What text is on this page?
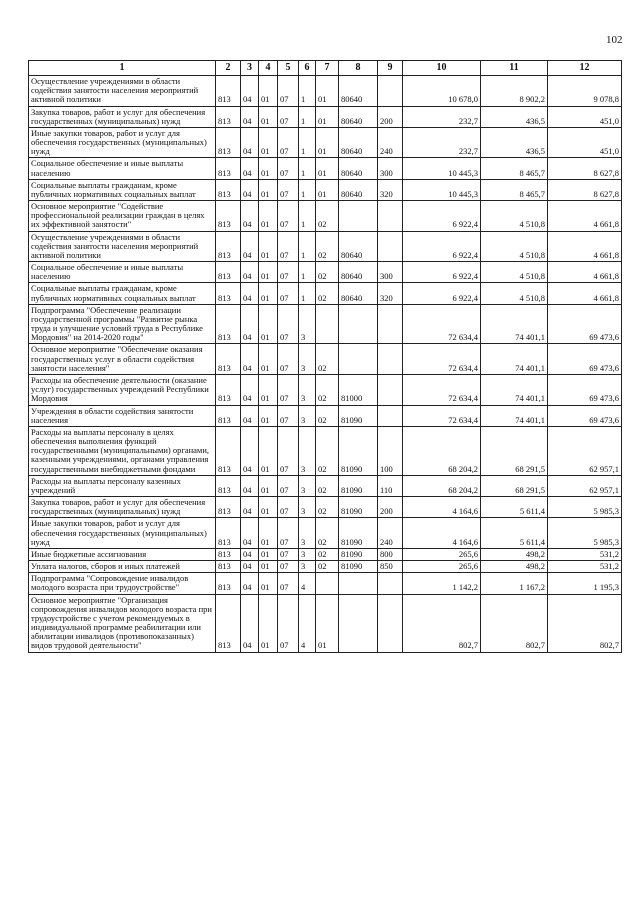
102
1	2	3	4	5	6	7	8	9	10	11	12
Осуществление учреждениями в области содействия занятости населения мероприятий активной политики	813	04	01	07	1	01	80640		10 678,0	8 902,2	9 078,8
Закупка товаров, работ и услуг для обеспечения государственных (муниципальных) нужд	813	04	01	07	1	01	80640	200	232,7	436,5	451,0
Иные закупки товаров, работ и услуг для обеспечения государственных (муниципальных) нужд	813	04	01	07	1	01	80640	240	232,7	436,5	451,0
Социальное обеспечение и иные выплаты населению	813	04	01	07	1	01	80640	300	10 445,3	8 465,7	8 627,8
Социальные выплаты гражданам, кроме публичных нормативных социальных выплат	813	04	01	07	1	01	80640	320	10 445,3	8 465,7	8 627,8
Основное мероприятие "Содействие профессиональной реализации граждан в целях их эффективной занятости"	813	04	01	07	1	02			6 922,4	4 510,8	4 661,8
Осуществление учреждениями в области содействия занятости населения мероприятий активной политики	813	04	01	07	1	02	80640		6 922,4	4 510,8	4 661,8
Социальное обеспечение и иные выплаты населению	813	04	01	07	1	02	80640	300	6 922,4	4 510,8	4 661,8
Социальные выплаты гражданам, кроме публичных нормативных социальных выплат	813	04	01	07	1	02	80640	320	6 922,4	4 510,8	4 661,8
Подпрограмма "Обеспечение реализации государственной программы "Развитие рынка труда и улучшение условий труда в Республике Мордовия" на 2014-2020 годы"	813	04	01	07	3				72 634,4	74 401,1	69 473,6
Основное мероприятие "Обеспечение оказания государственных услуг в области содействия занятости населения"	813	04	01	07	3	02			72 634,4	74 401,1	69 473,6
Расходы на обеспечение деятельности (оказание услуг) государственных учреждений Республики Мордовия	813	04	01	07	3	02	81000		72 634,4	74 401,1	69 473,6
Учреждения в области содействия занятости населения	813	04	01	07	3	02	81090		72 634,4	74 401,1	69 473,6
Расходы на выплаты персоналу в целях обеспечения выполнения функций государственными (муниципальными) органами, казенными учреждениями, органами управления государственными внебюджетными фондами	813	04	01	07	3	02	81090	100	68 204,2	68 291,5	62 957,1
Расходы на выплаты персоналу казенных учреждений	813	04	01	07	3	02	81090	110	68 204,2	68 291,5	62 957,1
Закупка товаров, работ и услуг для обеспечения государственных (муниципальных) нужд	813	04	01	07	3	02	81090	200	4 164,6	5 611,4	5 985,3
Иные закупки товаров, работ и услуг для обеспечения государственных (муниципальных) нужд	813	04	01	07	3	02	81090	240	4 164,6	5 611,4	5 985,3
Иные бюджетные ассигнования	813	04	01	07	3	02	81090	800	265,6	498,2	531,2
Уплата налогов, сборов и иных платежей	813	04	01	07	3	02	81090	850	265,6	498,2	531,2
Подпрограмма "Сопровождение инвалидов молодого возраста при трудоустройстве"	813	04	01	07	4				1 142,2	1 167,2	1 195,3
Основное мероприятие "Организация сопровождения инвалидов молодого возраста при трудоустройстве с учетом рекомендуемых в индивидуальной программе реабилитации или абилитации инвалидов (противопоказанных) видов трудовой деятельности"	813	04	01	07	4	01			802,7	802,7	802,7
